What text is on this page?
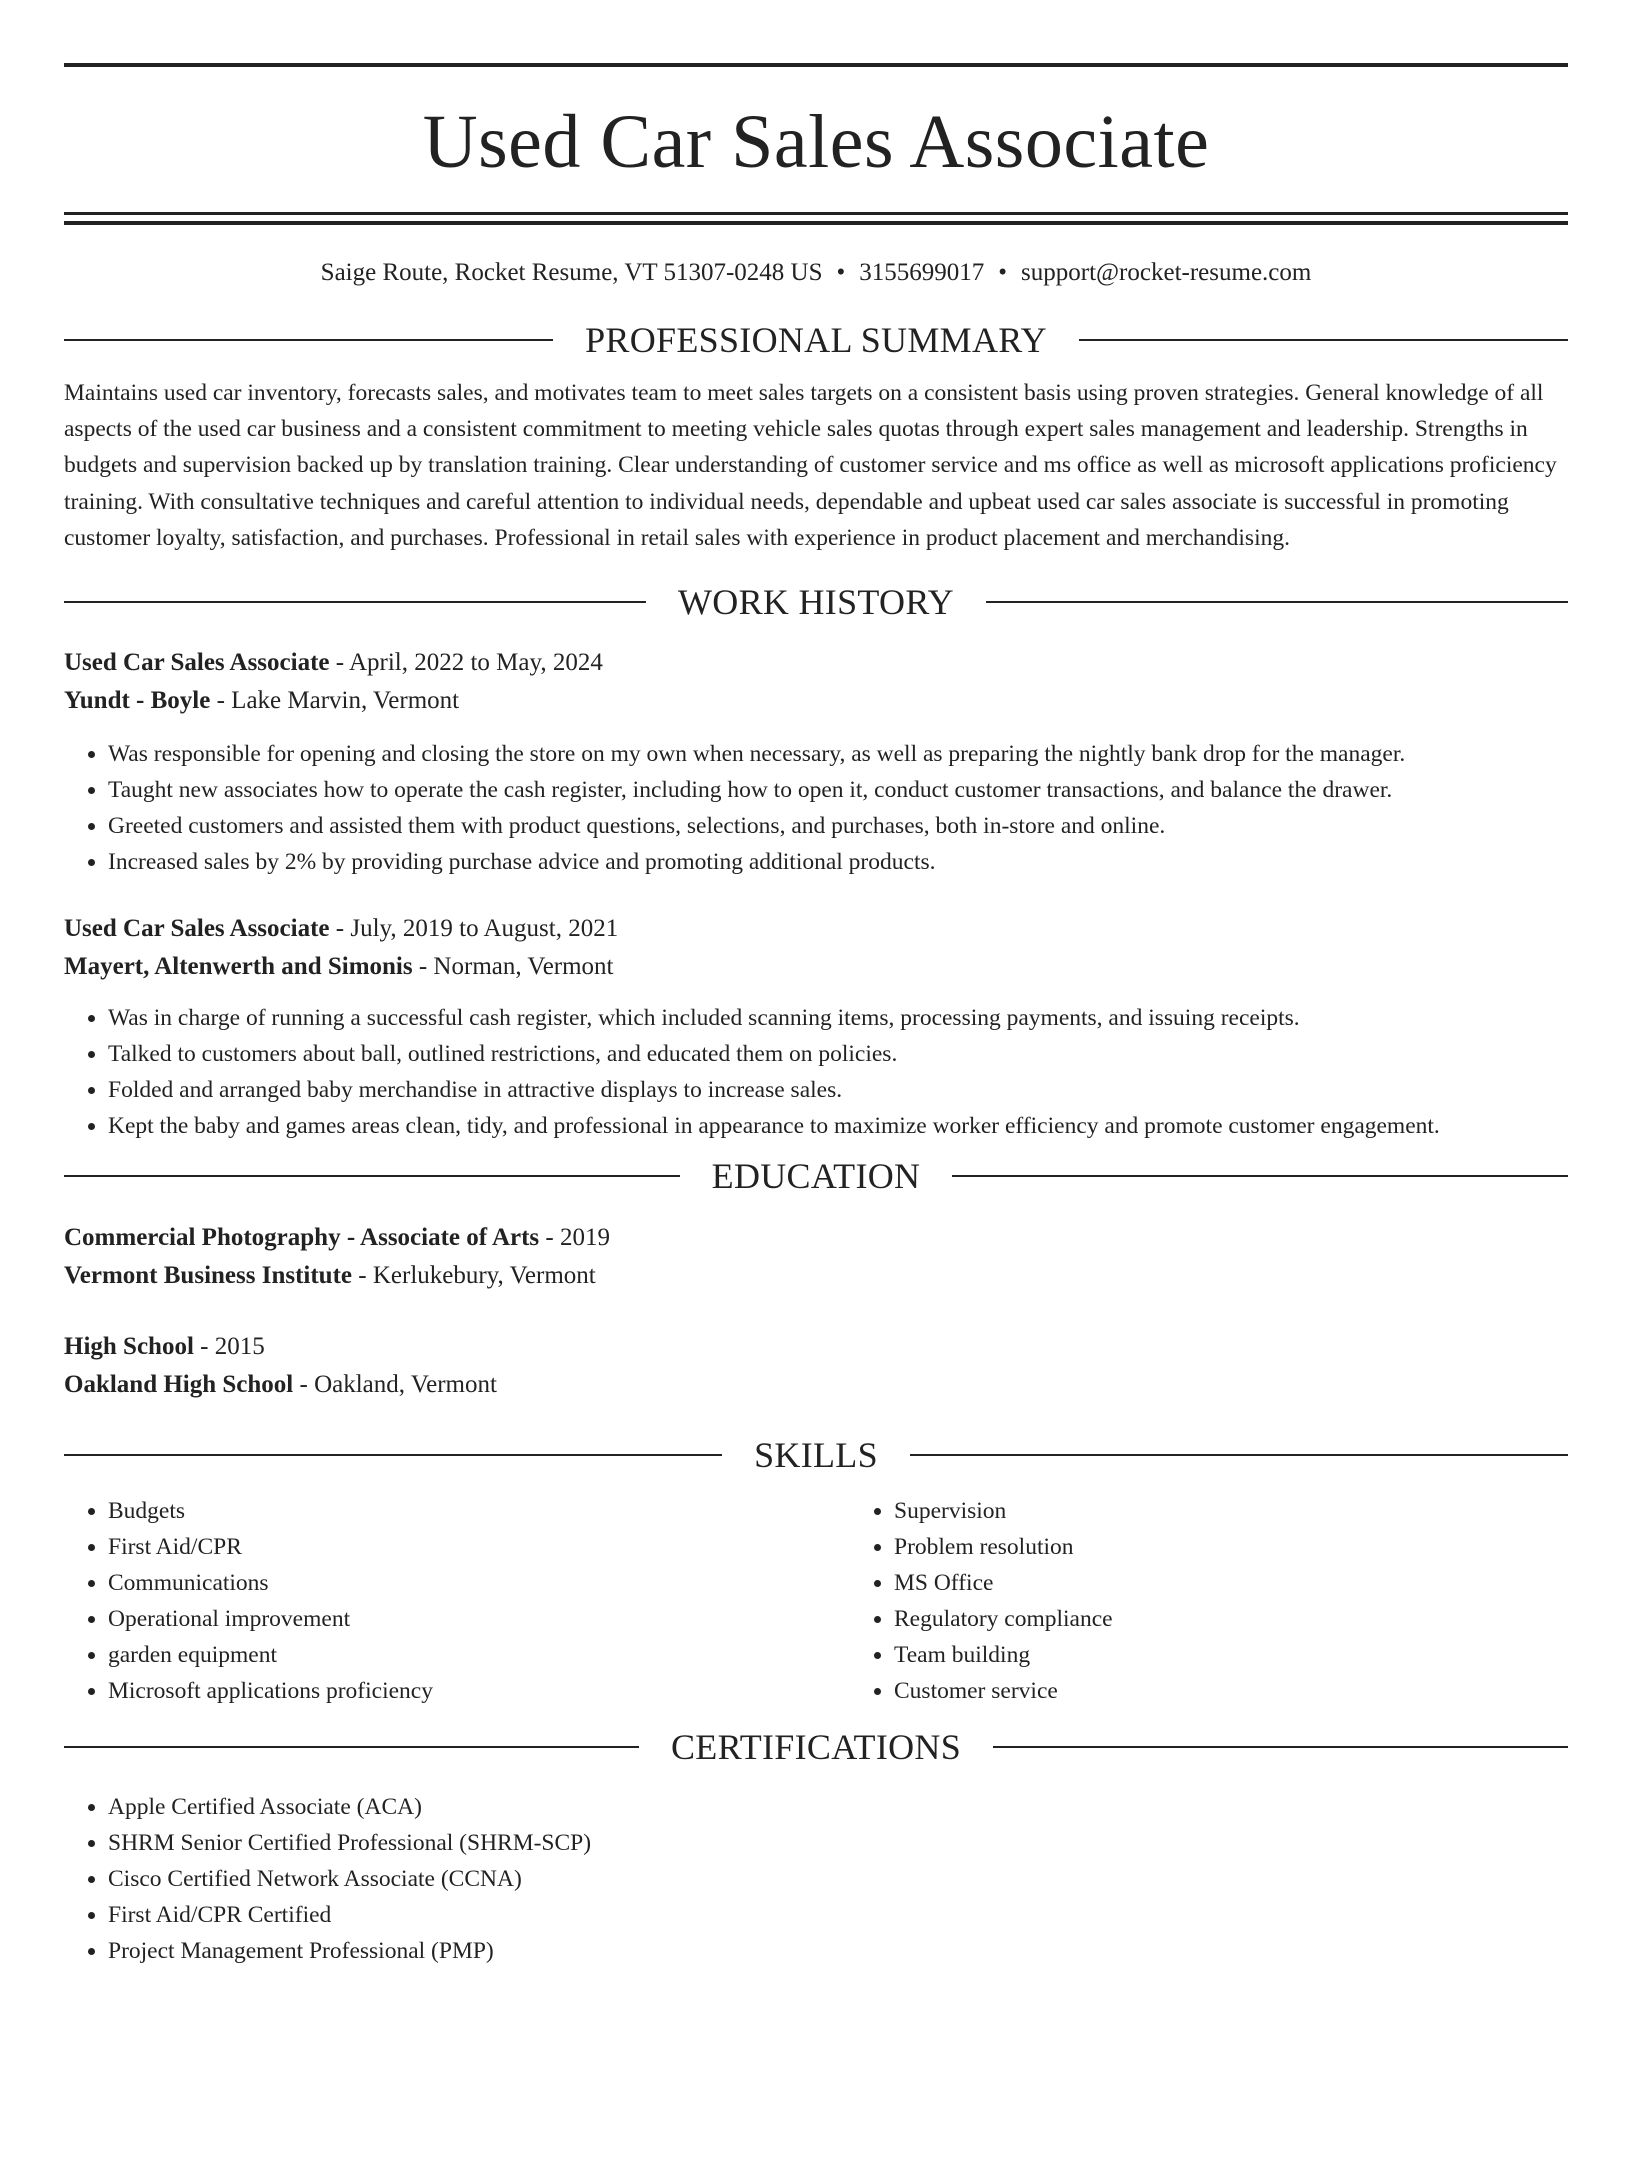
Used Car Sales Associate
Saige Route, Rocket Resume, VT 51307-0248 US • 3155699017 • support@rocket-resume.com
PROFESSIONAL SUMMARY

Maintains used car inventory, forecasts sales, and motivates team to meet sales targets on a consistent basis using proven strategies. General knowledge of all aspects of the used car business and a consistent commitment to meeting vehicle sales quotas through expert sales management and leadership. Strengths in budgets and supervision backed up by translation training. Clear understanding of customer service and ms office as well as microsoft applications proficiency training. With consultative techniques and careful attention to individual needs, dependable and upbeat used car sales associate is successful in promoting customer loyalty, satisfaction, and purchases. Professional in retail sales with experience in product placement and merchandising.

WORK HISTORY
Used Car Sales Associate - April, 2022 to May, 2024
Yundt - Boyle - Lake Marvin, Vermont
• Was responsible for opening and closing the store on my own when necessary, as well as preparing the nightly bank drop for the manager.
• Taught new associates how to operate the cash register, including how to open it, conduct customer transactions, and balance the drawer.
• Greeted customers and assisted them with product questions, selections, and purchases, both in-store and online.
• Increased sales by 2% by providing purchase advice and promoting additional products.
Used Car Sales Associate - July, 2019 to August, 2021
Mayert, Altenwerth and Simonis - Norman, Vermont
• Was in charge of running a successful cash register, which included scanning items, processing payments, and issuing receipts.
• Talked to customers about ball, outlined restrictions, and educated them on policies.
• Folded and arranged baby merchandise in attractive displays to increase sales.
• Kept the baby and games areas clean, tidy, and professional in appearance to maximize worker efficiency and promote customer engagement.
EDUCATION
Commercial Photography - Associate of Arts - 2019
Vermont Business Institute - Kerlukebury, Vermont
High School - 2015
Oakland High School - Oakland, Vermont
SKILLS
• Budgets
• First Aid/CPR
• Communications
• Operational improvement
• garden equipment
• Microsoft applications proficiency
• Supervision
• Problem resolution
• MS Office
• Regulatory compliance
• Team building
• Customer service
CERTIFICATIONS
• Apple Certified Associate (ACA)
• SHRM Senior Certified Professional (SHRM-SCP)
• Cisco Certified Network Associate (CCNA)
• First Aid/CPR Certified
• Project Management Professional (PMP)
